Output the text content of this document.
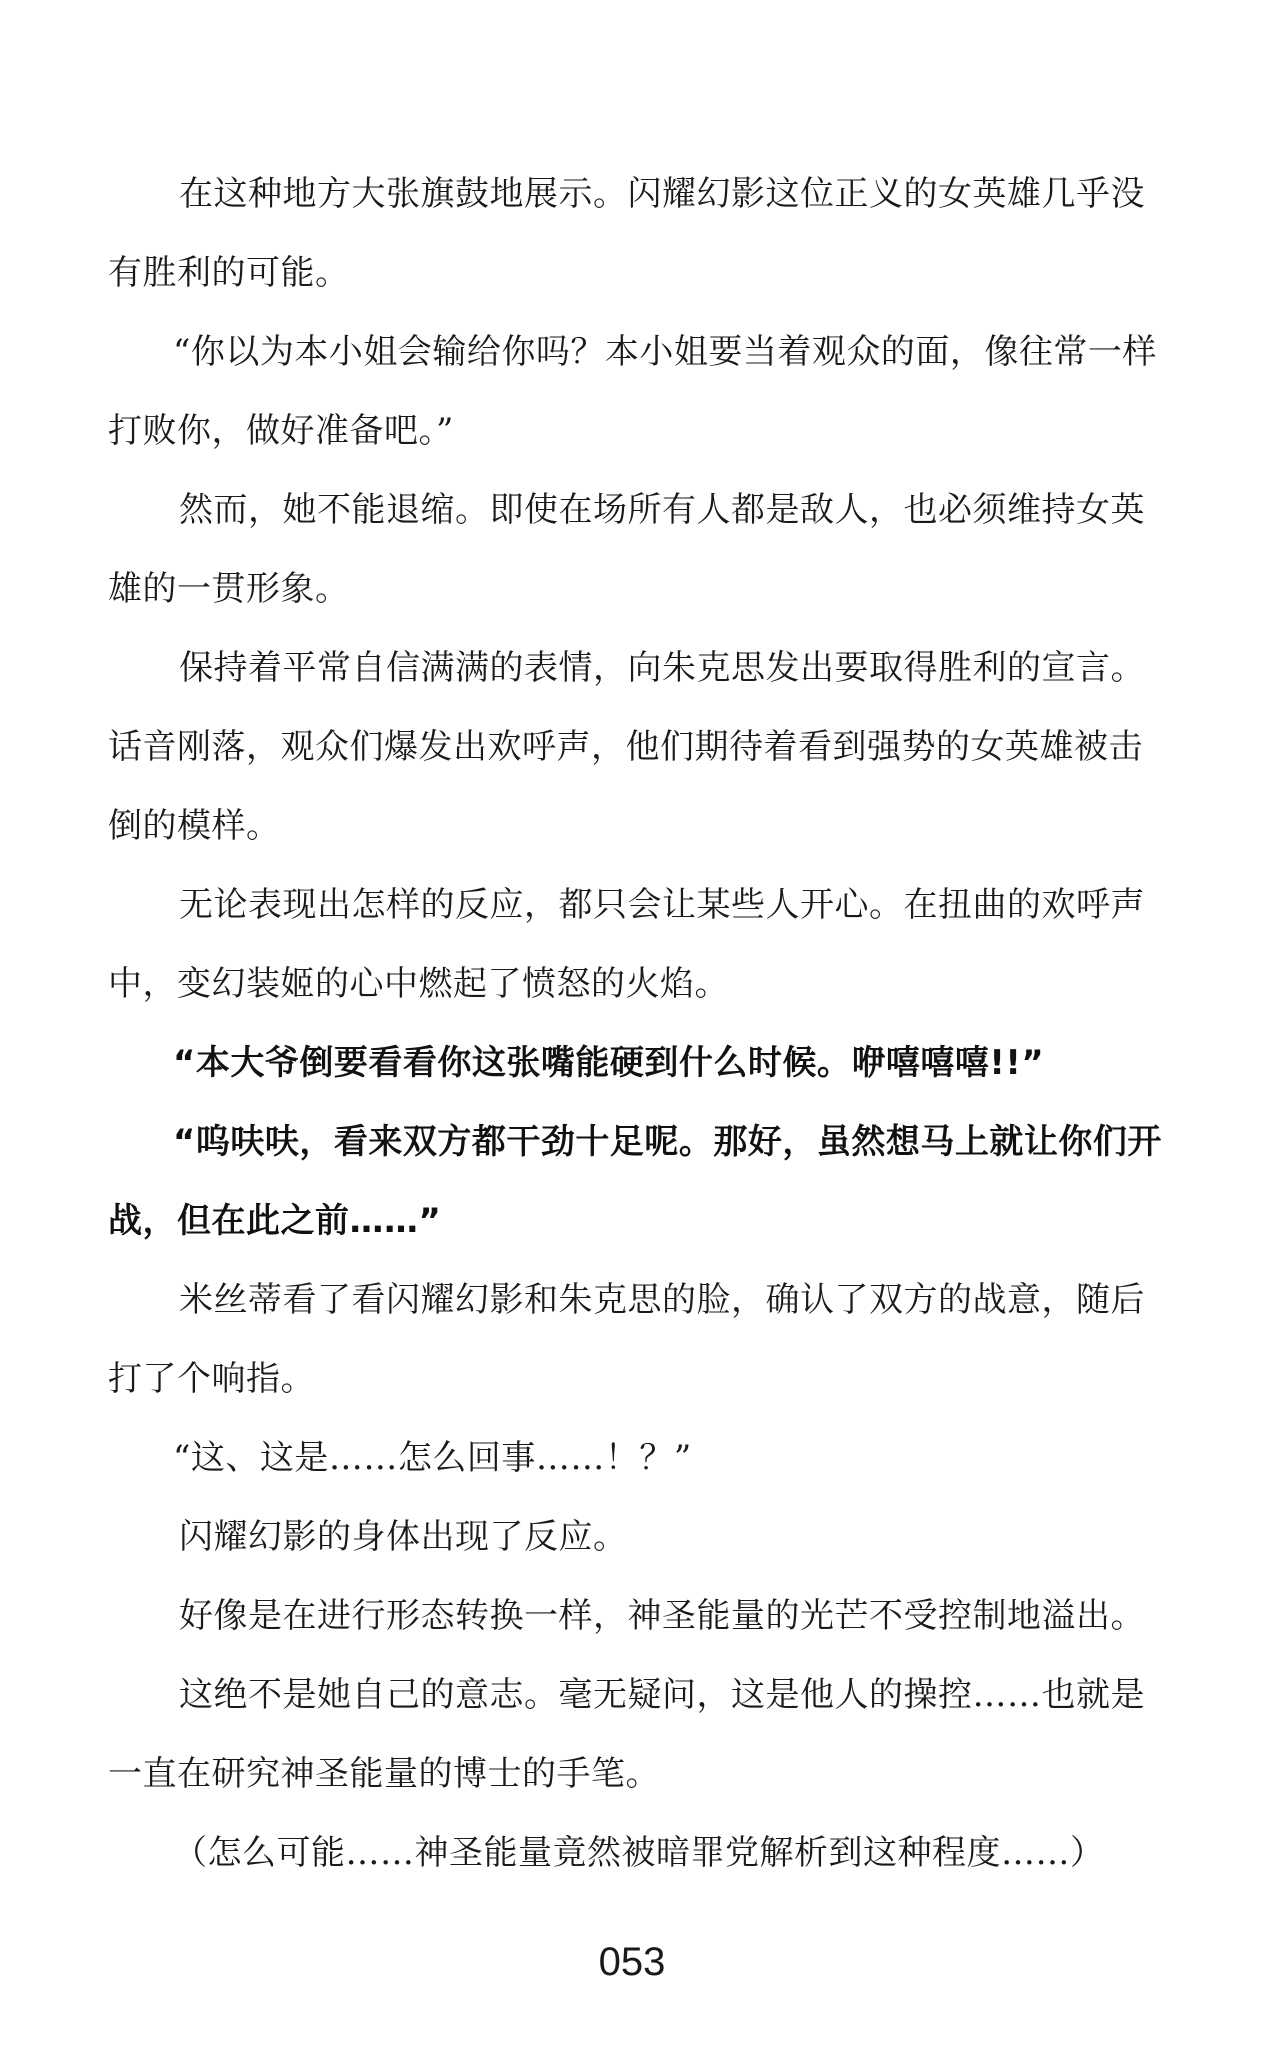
在这种地方大张旗鼓地展示。闪耀幻影这位正义的女英雄几乎没有胜利的可能。

“你以为本小姐会输给你吗？本小姐要当着观众的面，像往常一样打败你，做好准备吧。”

然而，她不能退缩。即使在场所有人都是敌人，也必须维持女英雄的一贯形象。

保持着平常自信满满的表情，向朱克思发出要取得胜利的宣言。话音刚落，观众们爆发出欢呼声，他们期待着看到强势的女英雄被击倒的模样。

无论表现出怎样的反应，都只会让某些人开心。在扭曲的欢呼声中，变幻装姬的心中燃起了愤怒的火焰。

“本大爷倒要看看你这张嘴能硬到什么时候。咿嘻嘻嘻!!”

“呜呋呋，看来双方都干劲十足呢。那好，虽然想马上就让你们开战，但在此之前……”

米丝蒂看了看闪耀幻影和朱克思的脸，确认了双方的战意，随后打了个响指。

“这、这是……怎么回事……！？”

闪耀幻影的身体出现了反应。

好像是在进行形态转换一样，神圣能量的光芒不受控制地溢出。

这绝不是她自己的意志。毫无疑问，这是他人的操控……也就是一直在研究神圣能量的博士的手笔。

（怎么可能……神圣能量竟然被暗罪党解析到这种程度……）

053
